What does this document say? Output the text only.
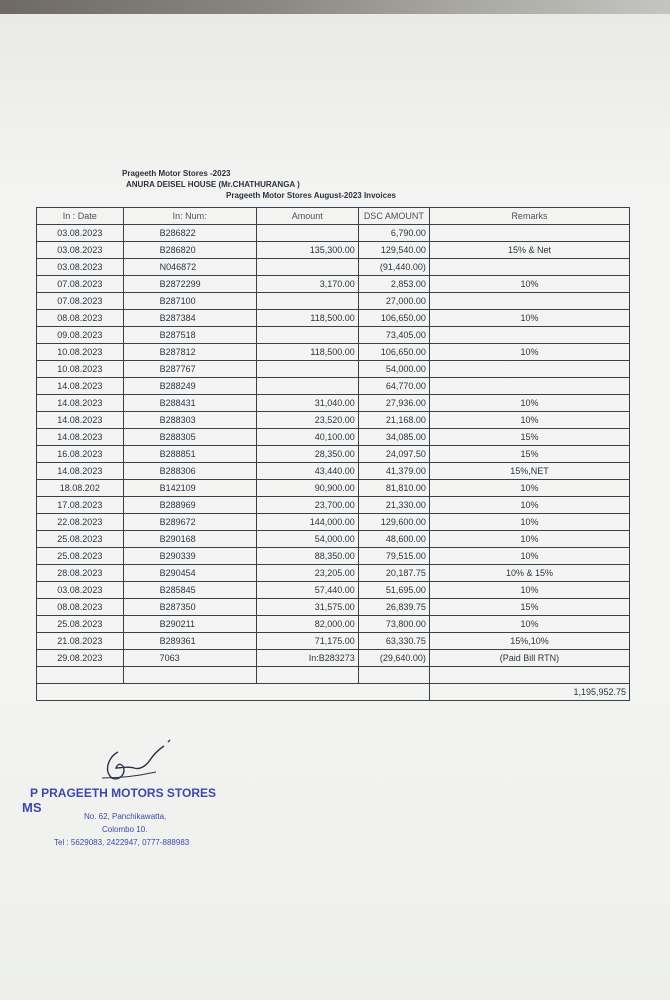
Prageeth Motor Stores -2023
ANURA DEISEL HOUSE (Mr.CHATHURANGA )
Prageeth Motor Stores August-2023 Invoices
In : Date	In: Num:	Amount	DSC AMOUNT	Remarks
03.08.2023	B286822		6,790.00	
03.08.2023	B286820	135,300.00	129,540.00	15% & Net
03.08.2023	N046872		(91,440.00)	
07.08.2023	B2872299	3,170.00	2,853.00	10%
07.08.2023	B287100		27,000.00	
08.08.2023	B287384	118,500.00	106,650.00	10%
09.08.2023	B287518		73,405.00	
10.08.2023	B287812	118,500.00	106,650.00	10%
10.08.2023	B287767		54,000.00	
14.08.2023	B288249		64,770.00	
14.08.2023	B288431	31,040.00	27,936.00	10%
14.08.2023	B288303	23,520.00	21,168.00	10%
14.08.2023	B288305	40,100.00	34,085.00	15%
16.08.2023	B288851	28,350.00	24,097.50	15%
14.08.2023	B288306	43,440.00	41,379.00	15%,NET
18.08.202	B142109	90,900.00	81,810.00	10%
17.08.2023	B288969	23,700.00	21,330.00	10%
22.08.2023	B289672	144,000.00	129,600.00	10%
25.08.2023	B290168	54,000.00	48,600.00	10%
25.08.2023	B290339	88,350.00	79,515.00	10%
28.08.2023	B290454	23,205.00	20,187.75	10% & 15%
03.08.2023	B285845	57,440.00	51,695.00	10%
08.08.2023	B287350	31,575.00	26,839.75	15%
25.08.2023	B290211	82,000.00	73,800.00	10%
21.08.2023	B289361	71,175.00	63,330.75	15%,10%
29.08.2023	7063	In:B283273	(29,640.00)	(Paid Bill RTN)

				1,195,952.75
P PRAGEETH MOTORS STORES
MS
No. 62, Panchikawatta,
Colombo 10.
Tel : 5629083, 2422947, 0777-888983
